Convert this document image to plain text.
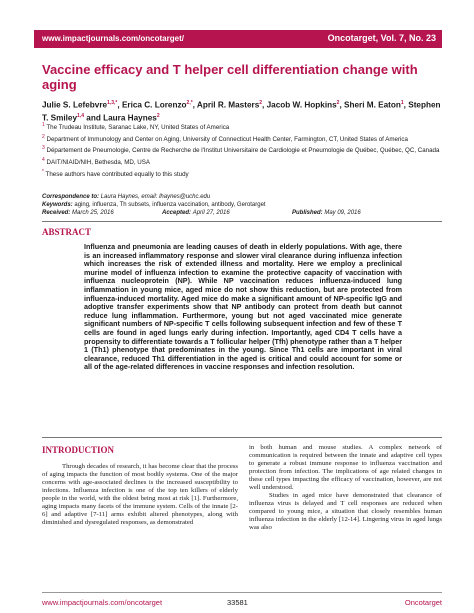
www.impactjournals.com/oncotarget/	Oncotarget, Vol. 7, No. 23
Vaccine efficacy and T helper cell differentiation change with aging
Julie S. Lefebvre$^{1,3,*}$, Erica C. Lorenzo$^{2,*}$, April R. Masters$^2$, Jacob W. Hopkins$^2$, Sheri M. Eaton$^1$, Stephen T. Smiley$^{1,4}$ and Laura Haynes$^2$
$^1$ The Trudeau Institute, Saranac Lake, NY, United States of America
$^2$ Department of Immunology and Center on Aging, University of Connecticut Health Center, Farmington, CT, United States of America
$^3$ Département de Pneumologie, Centre de Recherche de l'Institut Universitaire de Cardiologie et Pneumologie de Québec, Québec, QC, Canada
$^4$ DAIT/NIAID/NIH, Bethesda, MD, USA
* These authors have contributed equally to this study
Correspondence to: Laura Haynes, email: lhaynes@uchc.edu
Keywords: aging, influenza, Th subsets, influenza vaccination, antibody, Gerotarget
Received: March 25, 2016	Accepted: April 27, 2016	Published: May 09, 2016
ABSTRACT
Influenza and pneumonia are leading causes of death in elderly populations. With age, there is an increased inflammatory response and slower viral clearance during influenza infection which increases the risk of extended illness and mortality. Here we employ a preclinical murine model of influenza infection to examine the protective capacity of vaccination with influenza nucleoprotein (NP). While NP vaccination reduces influenza-induced lung inflammation in young mice, aged mice do not show this reduction, but are protected from influenza-induced mortality. Aged mice do make a significant amount of NP-specific IgG and adoptive transfer experiments show that NP antibody can protect from death but cannot reduce lung inflammation. Furthermore, young but not aged vaccinated mice generate significant numbers of NP-specific T cells following subsequent infection and few of these T cells are found in aged lungs early during infection. Importantly, aged CD4 T cells have a propensity to differentiate towards a T follicular helper (Tfh) phenotype rather than a T helper 1 (Th1) phenotype that predominates in the young. Since Th1 cells are important in viral clearance, reduced Th1 differentiation in the aged is critical and could account for some or all of the age-related differences in vaccine responses and infection resolution.
INTRODUCTION

Through decades of research, it has become clear that the process of aging impacts the function of most bodily systems. One of the major concerns with age-associated declines is the increased susceptibility to infections. Influenza infection is one of the top ten killers of elderly people in the world, with the oldest being most at risk [1]. Furthermore, aging impacts many facets of the immune system. Cells of the innate [2-6] and adaptive [7-11] arms exhibit altered phenotypes, along with diminished and dysregulated responses, as demonstrated

in both human and mouse studies. A complex network of communication is required between the innate and adaptive cell types to generate a robust immune response to influenza vaccination and protection from infection. The implications of age related changes in these cell types impacting the efficacy of vaccination, however, are not well understood.

Studies in aged mice have demonstrated that clearance of influenza virus is delayed and T cell responses are reduced when compared to young mice, a situation that closely resembles human influenza infection in the elderly [12-14]. Lingering virus in aged lungs was also

www.impactjournals.com/oncotarget	33581	Oncotarget
